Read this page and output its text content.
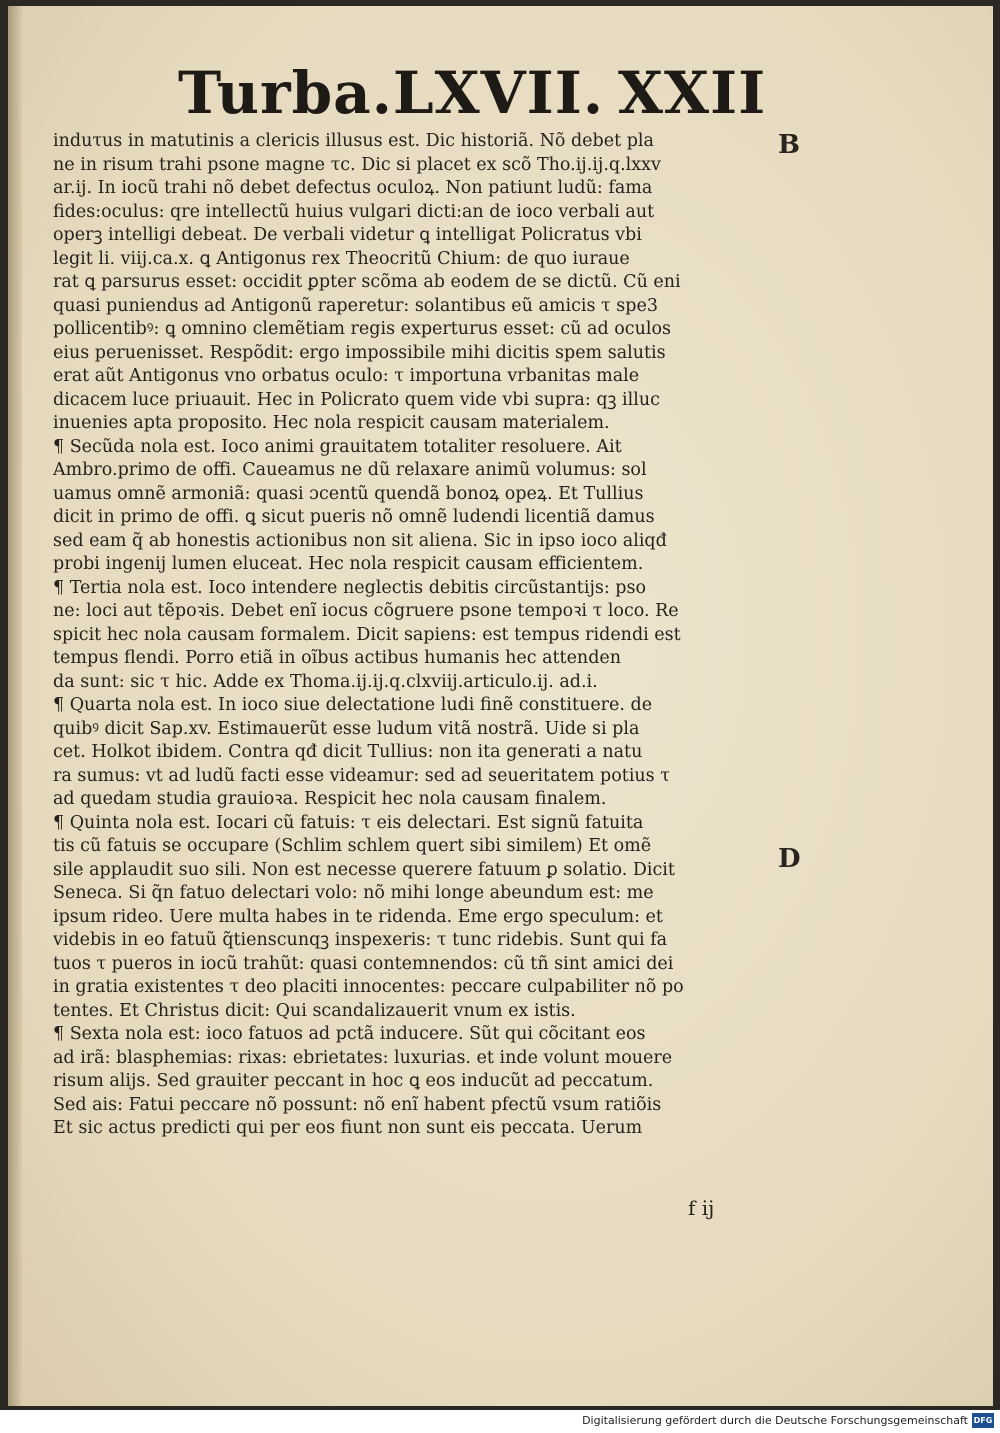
Turba.LXVII. XXII
B
D
induτus in matutinis a clericis illusus est. Dic historiã. Nõ debet pla
ne in risum trahi psone magne τc. Dic si placet ex scõ Tho.ij.ij.q.lxxv
ar.ij. In iocũ trahi nõ debet defectus oculoꝝ. Non patiunt ludũ: fama
fides:oculus: qre intellectũ huius vulgari dicti:an de ioco verbali aut
operꝫ intelligi debeat. De verbali videtur ꝗ intelligat Policratus vbi
legit li. viij.ca.x. ꝗ Antigonus rex Theocritũ Chium: de quo iuraue
rat ꝗ parsurus esset: occidit ꝑpter scõma ab eodem de se dictũ. Cũ eni
quasi puniendus ad Antigonũ raperetur: solantibus eũ amicis τ spe3
pollicentibꝰ: ꝗ omnino clemẽtiam regis experturus esset: cũ ad oculos
eius peruenisset. Respõdit: ergo impossibile mihi dicitis spem salutis
erat aũt Antigonus vno orbatus oculo: τ importuna vrbanitas male
dicacem luce priuauit. Hec in Policrato quem vide vbi supra: qꝫ illuc
inuenies apta proposito. Hec nola respicit causam materialem.
¶ Secũda nola est. Ioco animi grauitatem totaliter resoluere. Ait
Ambro.primo de offi. Caueamus ne dũ relaxare animũ volumus: sol
uamus omnẽ armoniã: quasi ɔcentũ quendã bonoꝝ opeꝝ. Et Tullius
dicit in primo de offi. ꝗ sicut pueris nõ omnẽ ludendi licentiã damus
sed eam q̃ ab honestis actionibus non sit aliena. Sic in ipso ioco aliqđ
probi ingenij lumen eluceat. Hec nola respicit causam efficientem.
¶ Tertia nola est. Ioco intendere neglectis debitis circũstantijs: pso
ne: loci aut tẽpoꝛis. Debet enĩ iocus cõgruere psone tempoꝛi τ loco. Re
spicit hec nola causam formalem. Dicit sapiens: est tempus ridendi est
tempus flendi. Porro etiã in oĩbus actibus humanis hec attenden
da sunt: sic τ hic. Adde ex Thoma.ij.ij.q.clxviij.articulo.ij. ad.i.
¶ Quarta nola est. In ioco siue delectatione ludi finẽ constituere. de
quibꝰ dicit Sap.xv. Estimauerũt esse ludum vitã nostrã. Uide si pla
cet. Holkot ibidem. Contra qđ dicit Tullius: non ita generati a natu
ra sumus: vt ad ludũ facti esse videamur: sed ad seueritatem potius τ
ad quedam studia grauioꝛa. Respicit hec nola causam finalem.
¶ Quinta nola est. Iocari cũ fatuis: τ eis delectari. Est signũ fatuita
tis cũ fatuis se occupare (Schlim schlem quert sibi similem) Et omẽ
sile applaudit suo sili. Non est necesse querere fatuum ꝑ solatio. Dicit
Seneca. Si q̃n fatuo delectari volo: nõ mihi longe abeundum est: me
ipsum rideo. Uere multa habes in te ridenda. Eme ergo speculum: et
videbis in eo fatuũ q̃tienscunqꝫ inspexeris: τ tunc ridebis. Sunt qui fa
tuos τ pueros in iocũ trahũt: quasi contemnendos: cũ tñ sint amici dei
in gratia existentes τ deo placiti innocentes: peccare culpabiliter nõ po
tentes. Et Christus dicit: Qui scandalizauerit vnum ex istis.
¶ Sexta nola est: ioco fatuos ad pctã inducere. Sũt qui cõcitant eos
ad irã: blasphemias: rixas: ebrietates: luxurias. et inde volunt mouere
risum alijs. Sed grauiter peccant in hoc ꝗ eos inducũt ad peccatum.
Sed ais: Fatui peccare nõ possunt: nõ enĩ habent pfectũ vsum ratiõis
Et sic actus predicti qui per eos fiunt non sunt eis peccata. Uerum
f ij
Digitalisierung gefördert durch die Deutsche Forschungsgemeinschaft DFG
